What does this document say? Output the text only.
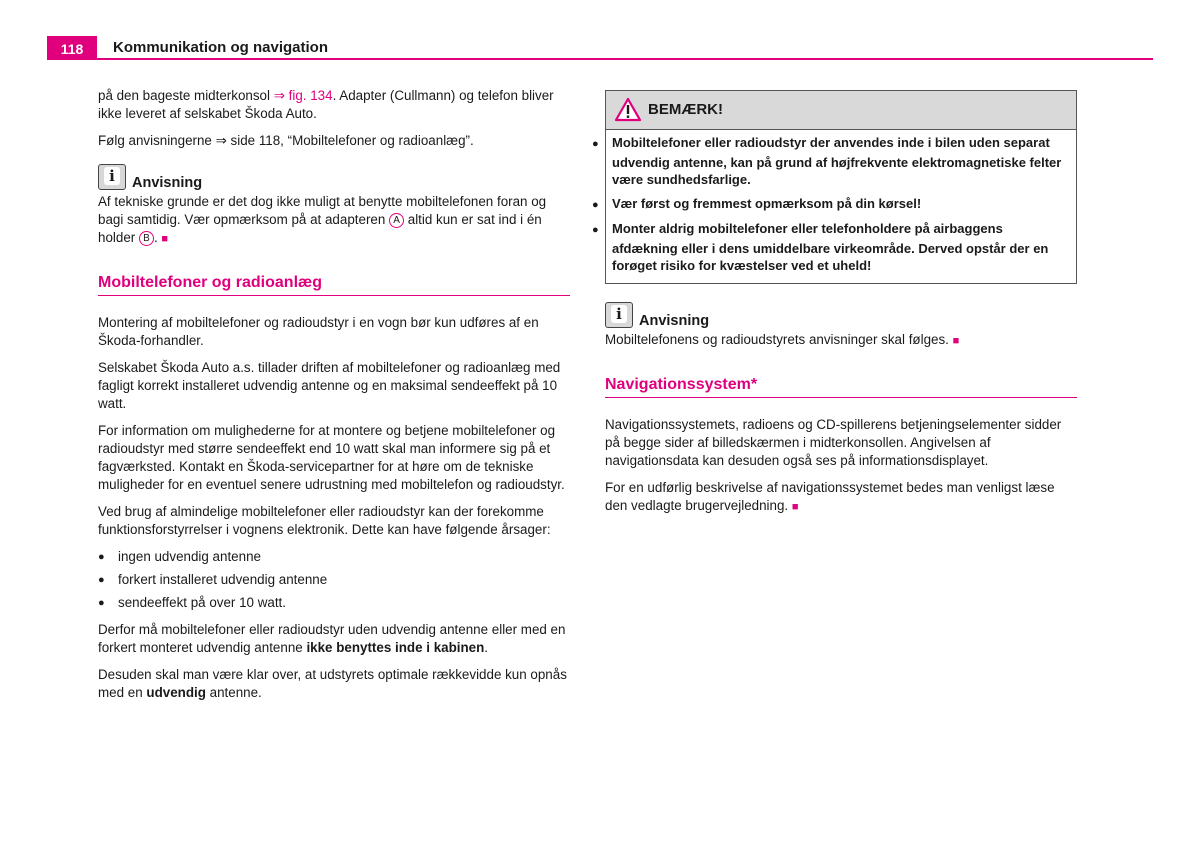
118	Kommunikation og navigation

på den bageste midterkonsol ⇒ fig. 134. Adapter (Cullmann) og telefon bliver ikke leveret af selskabet Škoda Auto.

Følg anvisningerne ⇒ side 118, “Mobiltelefoner og radioanlæg”.

i	Anvisning

Af tekniske grunde er det dog ikke muligt at benytte mobiltelefonen foran og bagi samtidig. Vær opmærksom på at adapteren A altid kun er sat ind i én holder B . ■

Mobiltelefoner og radioanlæg

Montering af mobiltelefoner og radioudstyr i en vogn bør kun udføres af en Škoda-forhandler.

Selskabet Škoda Auto a.s. tillader driften af mobiltelefoner og radioanlæg med fagligt korrekt installeret udvendig antenne og en maksimal sendeeffekt på 10 watt.

For information om mulighederne for at montere og betjene mobiltelefoner og radioudstyr med større sendeeffekt end 10 watt skal man informere sig på et fagværksted. Kontakt en Škoda-servicepartner for at høre om de tekniske muligheder for en eventuel senere udrustning med mobiltelefon og radioudstyr.

Ved brug af almindelige mobiltelefoner eller radioudstyr kan der forekomme funktionsforstyrrelser i vognens elektronik. Dette kan have følgende årsager:

● ingen udvendig antenne
● forkert installeret udvendig antenne
● sendeeffekt på over 10 watt.

Derfor må mobiltelefoner eller radioudstyr uden udvendig antenne eller med en forkert monteret udvendig antenne ikke benyttes inde i kabinen.

Desuden skal man være klar over, at udstyrets optimale rækkevidde kun opnås med en udvendig antenne.

BEMÆRK!
● Mobiltelefoner eller radioudstyr der anvendes inde i bilen uden separat udvendig antenne, kan på grund af højfrekvente elektromagnetiske felter være sundhedsfarlige.
● Vær først og fremmest opmærksom på din kørsel!
● Monter aldrig mobiltelefoner eller telefonholdere på airbaggens afdækning eller i dens umiddelbare virkeområde. Derved opstår der en forøget risiko for kvæstelser ved et uheld!
i	Anvisning

Mobiltelefonens og radioudstyrets anvisninger skal følges. ■

Navigationssystem*

Navigationssystemets, radioens og CD-spillerens betjeningselementer sidder på begge sider af billedskærmen i midterkonsollen. Angivelsen af navigationsdata kan desuden også ses på informationsdisplayet.

For en udførlig beskrivelse af navigationssystemet bedes man venligst læse den vedlagte brugervejledning. ■
